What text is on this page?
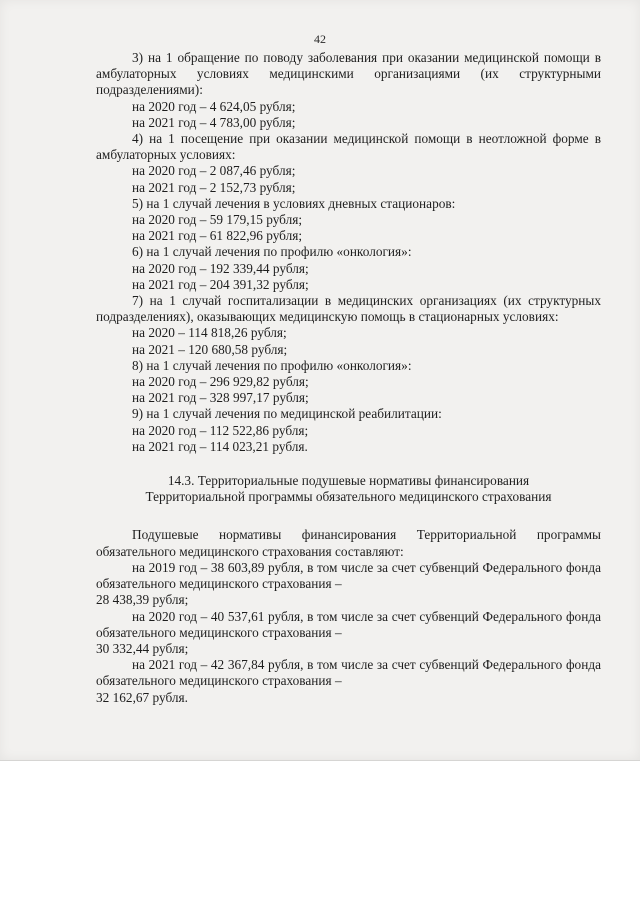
42

3) на 1 обращение по поводу заболевания при оказании медицинской помощи в амбулаторных условиях медицинскими организациями (их структурными подразделениями):

на 2020 год – 4 624,05 рубля;

на 2021 год – 4 783,00 рубля;

4) на 1 посещение при оказании медицинской помощи в неотложной форме в амбулаторных условиях:

на 2020 год – 2 087,46 рубля;

на 2021 год – 2 152,73 рубля;

5) на 1 случай лечения в условиях дневных стационаров:

на 2020 год – 59 179,15 рубля;

на 2021 год – 61 822,96 рубля;

6) на 1 случай лечения по профилю «онкология»:

на 2020 год – 192 339,44 рубля;

на 2021 год – 204 391,32 рубля;

7) на 1 случай госпитализации в медицинских организациях (их структурных подразделениях), оказывающих медицинскую помощь в стационарных условиях:

на 2020 – 114 818,26 рубля;

на 2021 – 120 680,58 рубля;

8) на 1 случай лечения по профилю «онкология»:

на 2020 год – 296 929,82 рубля;

на 2021 год – 328 997,17 рубля;

9) на 1 случай лечения по медицинской реабилитации:

на 2020 год – 112 522,86 рубля;

на 2021 год – 114 023,21 рубля.

14.3. Территориальные подушевые нормативы финансирования Территориальной программы обязательного медицинского страхования

Подушевые нормативы финансирования Территориальной программы обязательного медицинского страхования составляют:

на 2019 год – 38 603,89 рубля, в том числе за счет субвенций Федерального фонда обязательного медицинского страхования –

28 438,39 рубля;

на 2020 год – 40 537,61 рубля, в том числе за счет субвенций Федерального фонда обязательного медицинского страхования –

30 332,44 рубля;

на 2021 год – 42 367,84 рубля, в том числе за счет субвенций Федерального фонда обязательного медицинского страхования –

32 162,67 рубля.
